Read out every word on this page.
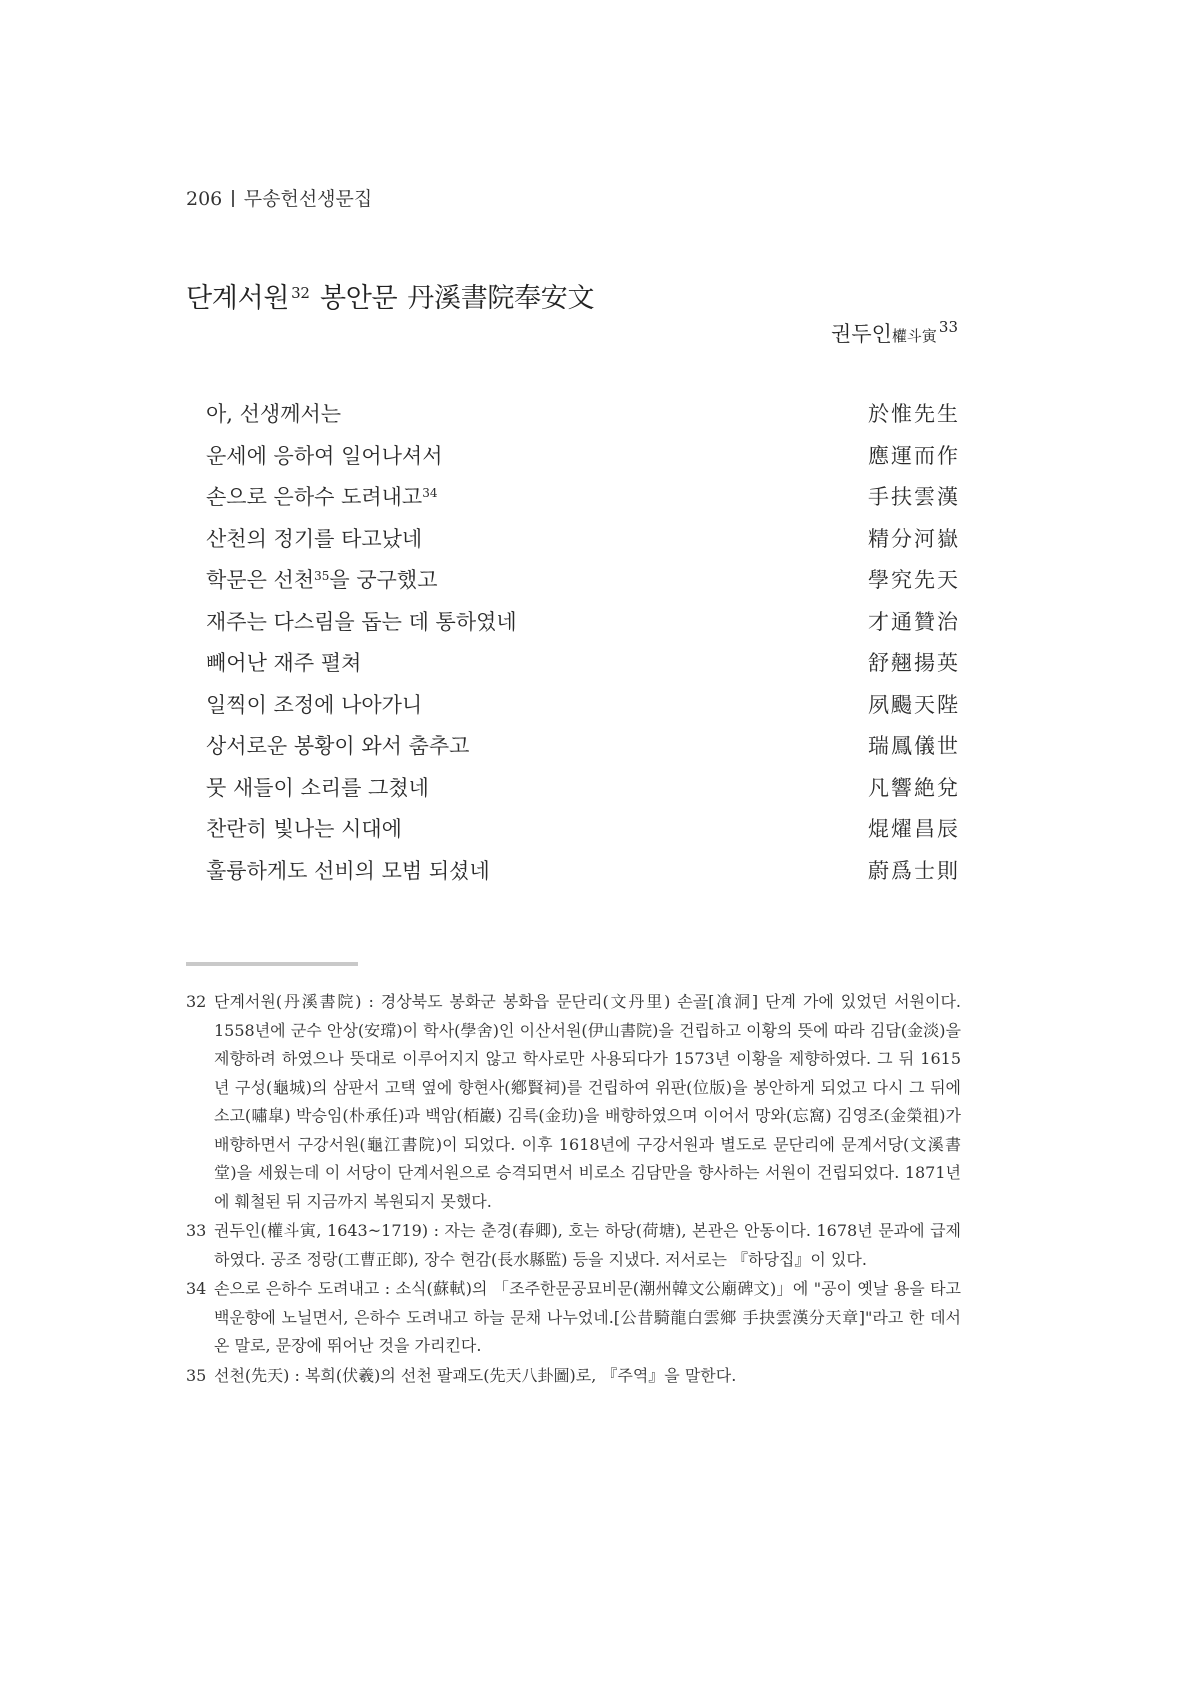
206 무송헌선생문집
단계서원 $^{32}$ 봉안문 丹溪書院奉安文
권두인權斗寅 $^{33}$
아, 선생께서는	於惟先生
운세에 응하여 일어나셔서	應運而作
손으로 은하수 도려내고$^{34}$	手扶雲漢
산천의 정기를 타고났네	精分河嶽
학문은 선천$^{35}$을 궁구했고	學究先天
재주는 다스림을 돕는 데 통하였네	才通贊治
빼어난 재주 펼쳐	舒翹揚英
일찍이 조정에 나아가니	夙颺天陛
상서로운 봉황이 와서 춤추고	瑞鳳儀世
뭇 새들이 소리를 그쳤네	凡響絶兌
찬란히 빛나는 시대에	焜燿昌辰
훌륭하게도 선비의 모범 되셨네	蔚爲士則
32 단계서원(丹溪書院) : 경상북도 봉화군 봉화읍 문단리(文丹里) 손골[飡洞] 단계 가에 있었던 서원이다. 1558년에 군수 안상(安瑺)이 학사(學舍)인 이산서원(伊山書院)을 건립하고 이황의 뜻에 따라 김담(金淡)을 제향하려 하였으나 뜻대로 이루어지지 않고 학사로만 사용되다가 1573년 이황을 제향하였다. 그 뒤 1615년 구성(龜城)의 삼판서 고택 옆에 향현사(鄕賢祠)를 건립하여 위판(位版)을 봉안하게 되었고 다시 그 뒤에 소고(嘯皐) 박승임(朴承任)과 백암(栢巖) 김륵(金玏)을 배향하였으며 이어서 망와(忘窩) 김영조(金榮祖)가 배향하면서 구강서원(龜江書院)이 되었다. 이후 1618년에 구강서원과 별도로 문단리에 문계서당(文溪書堂)을 세웠는데 이 서당이 단계서원으로 승격되면서 비로소 김담만을 향사하는 서원이 건립되었다. 1871년에 훼철된 뒤 지금까지 복원되지 못했다.
33 권두인(權斗寅, 1643~1719) : 자는 춘경(春卿), 호는 하당(荷塘), 본관은 안동이다. 1678년 문과에 급제하였다. 공조 정랑(工曹正郞), 장수 현감(長水縣監) 등을 지냈다. 저서로는 『하당집』이 있다.
34 손으로 은하수 도려내고 : 소식(蘇軾)의 「조주한문공묘비문(潮州韓文公廟碑文)」에 "공이 옛날 용을 타고 백운향에 노닐면서, 은하수 도려내고 하늘 문채 나누었네.[公昔騎龍白雲鄉 手抉雲漢分天章]"라고 한 데서 온 말로, 문장에 뛰어난 것을 가리킨다.
35 선천(先天) : 복희(伏羲)의 선천 팔괘도(先天八卦圖)로, 『주역』을 말한다.
